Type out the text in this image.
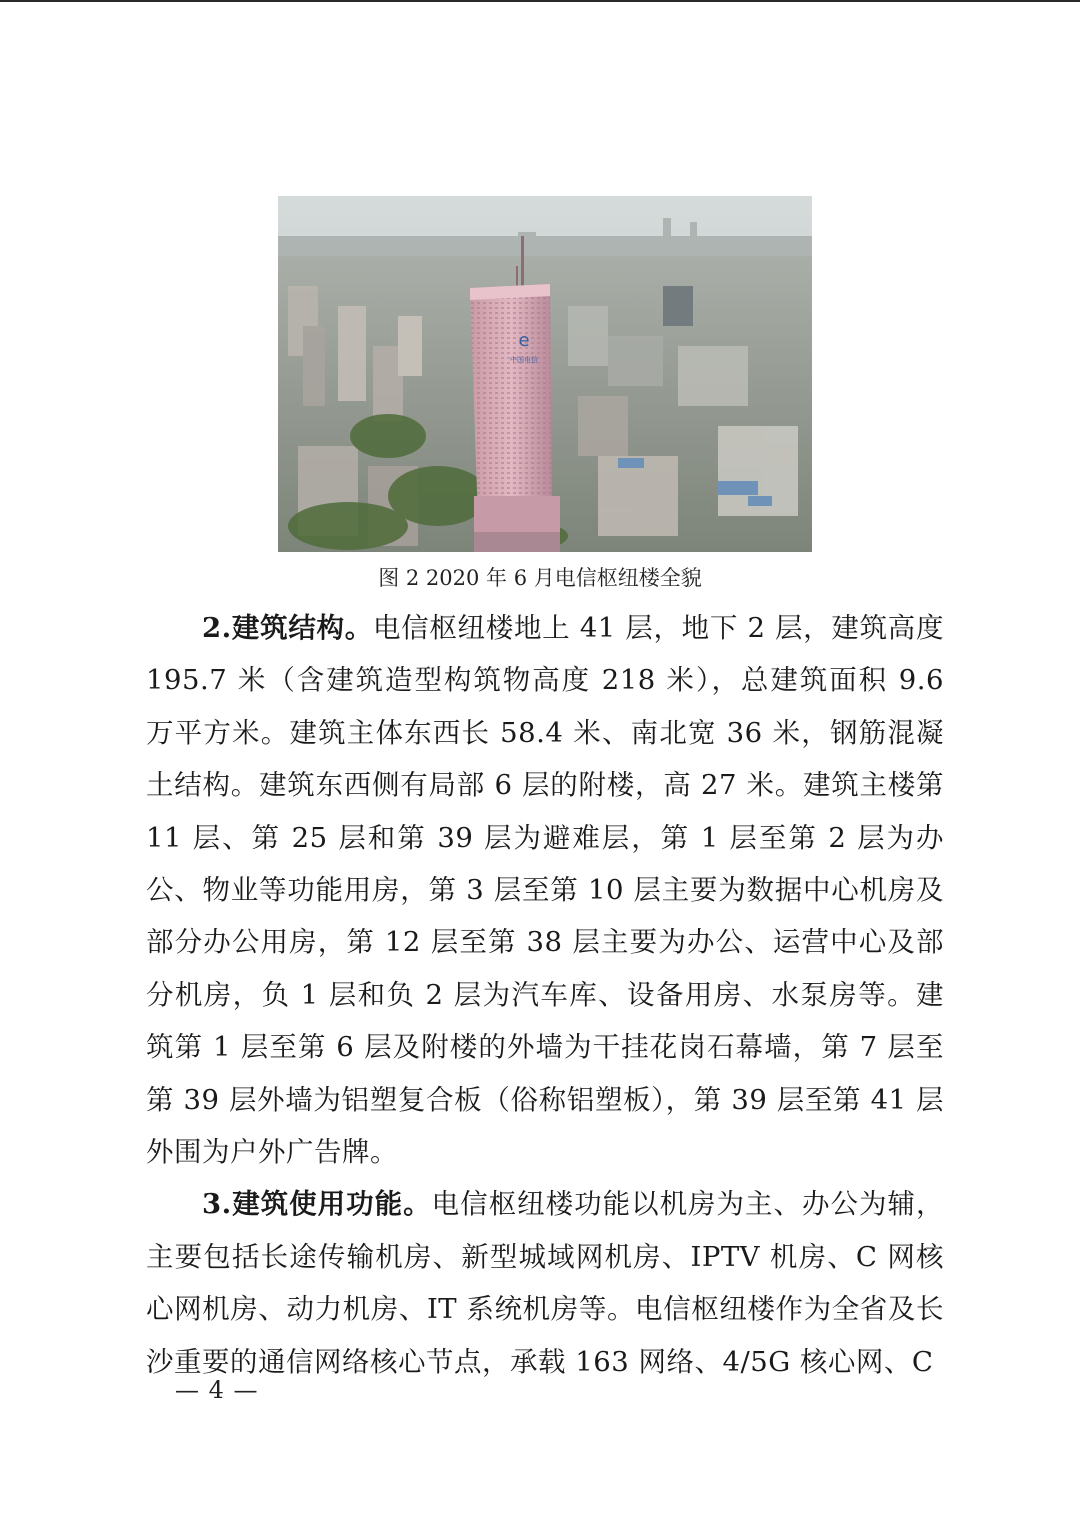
e
中国电信
图 2 2020 年 6 月电信枢纽楼全貌

2.建筑结构。电信枢纽楼地上 41 层，地下 2 层，建筑高度 195.7 米（含建筑造型构筑物高度 218 米），总建筑面积 9.6 万平方米。建筑主体东西长 58.4 米、南北宽 36 米，钢筋混凝土结构。建筑东西侧有局部 6 层的附楼，高 27 米。建筑主楼第 11 层、第 25 层和第 39 层为避难层，第 1 层至第 2 层为办公、物业等功能用房，第 3 层至第 10 层主要为数据中心机房及部分办公用房，第 12 层至第 38 层主要为办公、运营中心及部分机房，负 1 层和负 2 层为汽车库、设备用房、水泵房等。建筑第 1 层至第 6 层及附楼的外墙为干挂花岗石幕墙，第 7 层至第 39 层外墙为铝塑复合板（俗称铝塑板），第 39 层至第 41 层外围为户外广告牌。

3.建筑使用功能。电信枢纽楼功能以机房为主、办公为辅，主要包括长途传输机房、新型城域网机房、IPTV 机房、C 网核心网机房、动力机房、IT 系统机房等。电信枢纽楼作为全省及长沙重要的通信网络核心节点，承载 163 网络、4/5G 核心网、C

— 4 —
